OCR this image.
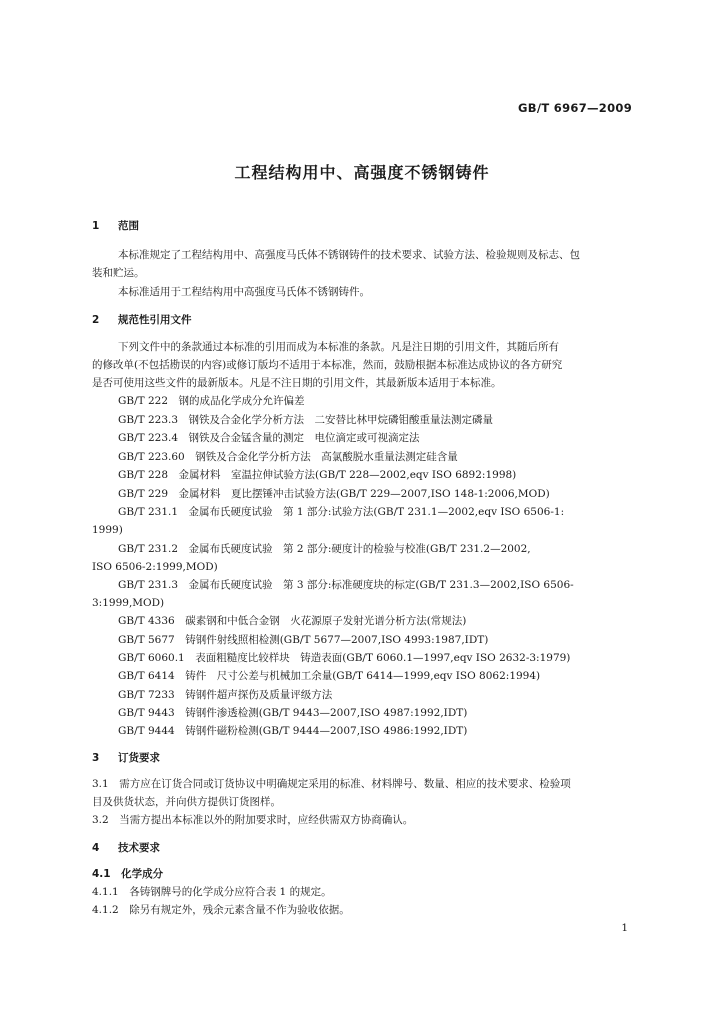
GB/T 6967—2009
工程结构用中、高强度不锈钢铸件
1 范围
本标准规定了工程结构用中、高强度马氏体不锈钢铸件的技术要求、试验方法、检验规则及标志、包
装和贮运。
本标准适用于工程结构用中高强度马氏体不锈钢铸件。
2 规范性引用文件
下列文件中的条款通过本标准的引用而成为本标准的条款。凡是注日期的引用文件，其随后所有
的修改单(不包括勘误的内容)或修订版均不适用于本标准，然而，鼓励根据本标准达成协议的各方研究
是否可使用这些文件的最新版本。凡是不注日期的引用文件，其最新版本适用于本标准。
GB/T 222　钢的成品化学成分允许偏差
GB/T 223.3　钢铁及合金化学分析方法　二安替比林甲烷磷钼酸重量法测定磷量
GB/T 223.4　钢铁及合金锰含量的测定　电位滴定或可视滴定法
GB/T 223.60　钢铁及合金化学分析方法　高氯酸脱水重量法测定硅含量
GB/T 228　金属材料　室温拉伸试验方法(GB/T 228—2002,eqv ISO 6892:1998)
GB/T 229　金属材料　夏比摆锤冲击试验方法(GB/T 229—2007,ISO 148-1:2006,MOD)
GB/T 231.1　金属布氏硬度试验　第 1 部分:试验方法(GB/T 231.1—2002,eqv ISO 6506-1:
1999)
GB/T 231.2　金属布氏硬度试验　第 2 部分:硬度计的检验与校准(GB/T 231.2—2002,
ISO 6506-2:1999,MOD)
GB/T 231.3　金属布氏硬度试验　第 3 部分:标准硬度块的标定(GB/T 231.3—2002,ISO 6506-
3:1999,MOD)
GB/T 4336　碳素钢和中低合金钢　火花源原子发射光谱分析方法(常规法)
GB/T 5677　铸钢件射线照相检测(GB/T 5677—2007,ISO 4993:1987,IDT)
GB/T 6060.1　表面粗糙度比较样块　铸造表面(GB/T 6060.1—1997,eqv ISO 2632-3:1979)
GB/T 6414　铸件　尺寸公差与机械加工余量(GB/T 6414—1999,eqv ISO 8062:1994)
GB/T 7233　铸钢件超声探伤及质量评级方法
GB/T 9443　铸钢件渗透检测(GB/T 9443—2007,ISO 4987:1992,IDT)
GB/T 9444　铸钢件磁粉检测(GB/T 9444—2007,ISO 4986:1992,IDT)
3 订货要求
3.1　需方应在订货合同或订货协议中明确规定采用的标准、材料牌号、数量、相应的技术要求、检验项
目及供货状态，并向供方提供订货图样。
3.2　当需方提出本标准以外的附加要求时，应经供需双方协商确认。
4 技术要求
4.1　化学成分
4.1.1　各铸钢牌号的化学成分应符合表 1 的规定。
4.1.2　除另有规定外，残余元素含量不作为验收依据。
1
